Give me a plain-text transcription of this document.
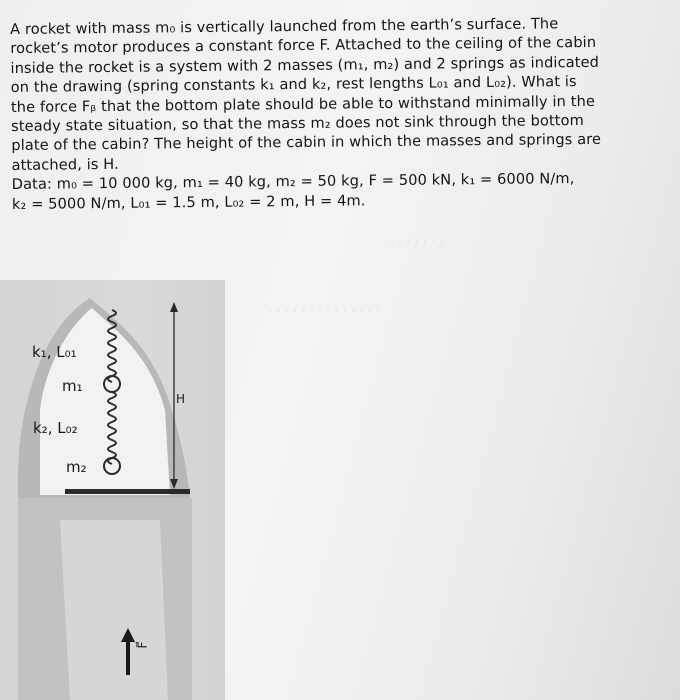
A rocket with mass m₀ is vertically launched from the earth’s surface. The

rocket’s motor produces a constant force F. Attached to the ceiling of the cabin

inside the rocket is a system with 2 masses (m₁, m₂) and 2 springs as indicated

on the drawing (spring constants k₁ and k₂, rest lengths L₀₁ and L₀₂). What is

the force Fᵦ that the bottom plate should be able to withstand minimally in the

steady state situation, so that the mass m₂ does not sink through the bottom

plate of the cabin? The height of the cabin in which the masses and springs are

attached, is H.

Data: m₀ = 10 000 kg, m₁ = 40 kg, m₂ = 50 kg, F = 500 kN, k₁ = 6000 N/m,

k₂ = 5000 N/m, L₀₁ = 1.5 m, L₀₂ = 2 m, H = 4m.

k₁, L₀₁
m₁
k₂, L₀₂
m₂
H
F⃗
. . . . . . .
. . . . . . . . . . . . . . .
